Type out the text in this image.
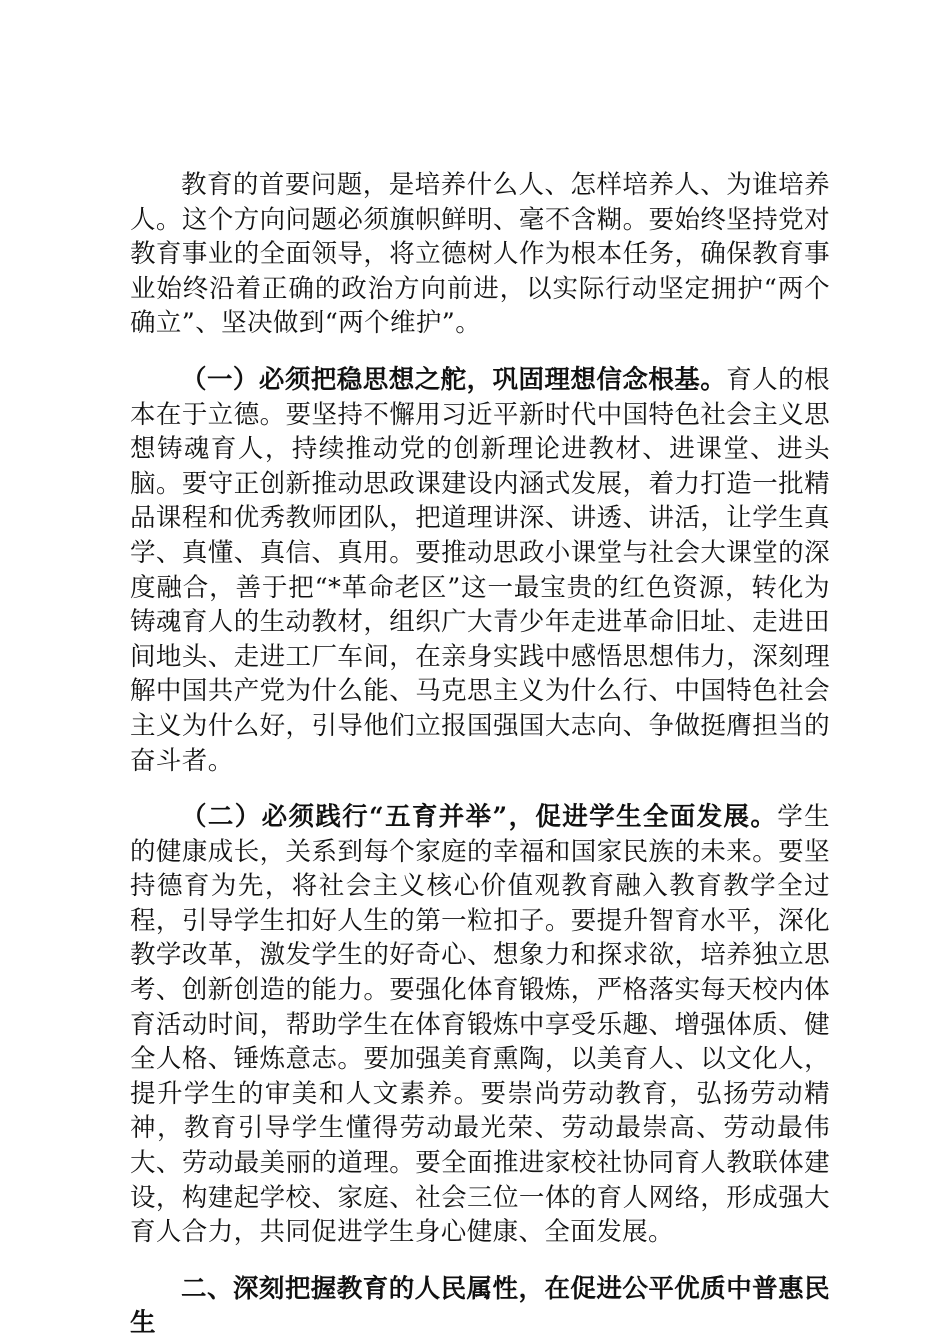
教育的首要问题，是培养什么人、怎样培养人、为谁培养人。这个方向问题必须旗帜鲜明、毫不含糊。要始终坚持党对教育事业的全面领导，将立德树人作为根本任务，确保教育事业始终沿着正确的政治方向前进，以实际行动坚定拥护“两个确立”、坚决做到“两个维护”。

（一）必须把稳思想之舵，巩固理想信念根基。育人的根本在于立德。要坚持不懈用习近平新时代中国特色社会主义思想铸魂育人，持续推动党的创新理论进教材、进课堂、进头脑。要守正创新推动思政课建设内涵式发展，着力打造一批精品课程和优秀教师团队，把道理讲深、讲透、讲活，让学生真学、真懂、真信、真用。要推动思政小课堂与社会大课堂的深度融合，善于把“*革命老区”这一最宝贵的红色资源，转化为铸魂育人的生动教材，组织广大青少年走进革命旧址、走进田间地头、走进工厂车间，在亲身实践中感悟思想伟力，深刻理解中国共产党为什么能、马克思主义为什么行、中国特色社会主义为什么好，引导他们立报国强国大志向、争做挺膺担当的奋斗者。

（二）必须践行“五育并举”，促进学生全面发展。学生的健康成长，关系到每个家庭的幸福和国家民族的未来。要坚持德育为先，将社会主义核心价值观教育融入教育教学全过程，引导学生扣好人生的第一粒扣子。要提升智育水平，深化教学改革，激发学生的好奇心、想象力和探求欲，培养独立思考、创新创造的能力。要强化体育锻炼，严格落实每天校内体育活动时间，帮助学生在体育锻炼中享受乐趣、增强体质、健全人格、锤炼意志。要加强美育熏陶，以美育人、以文化人，提升学生的审美和人文素养。要崇尚劳动教育，弘扬劳动精神，教育引导学生懂得劳动最光荣、劳动最崇高、劳动最伟大、劳动最美丽的道理。要全面推进家校社协同育人教联体建设，构建起学校、家庭、社会三位一体的育人网络，形成强大育人合力，共同促进学生身心健康、全面发展。

二、深刻把握教育的人民属性，在促进公平优质中普惠民生
